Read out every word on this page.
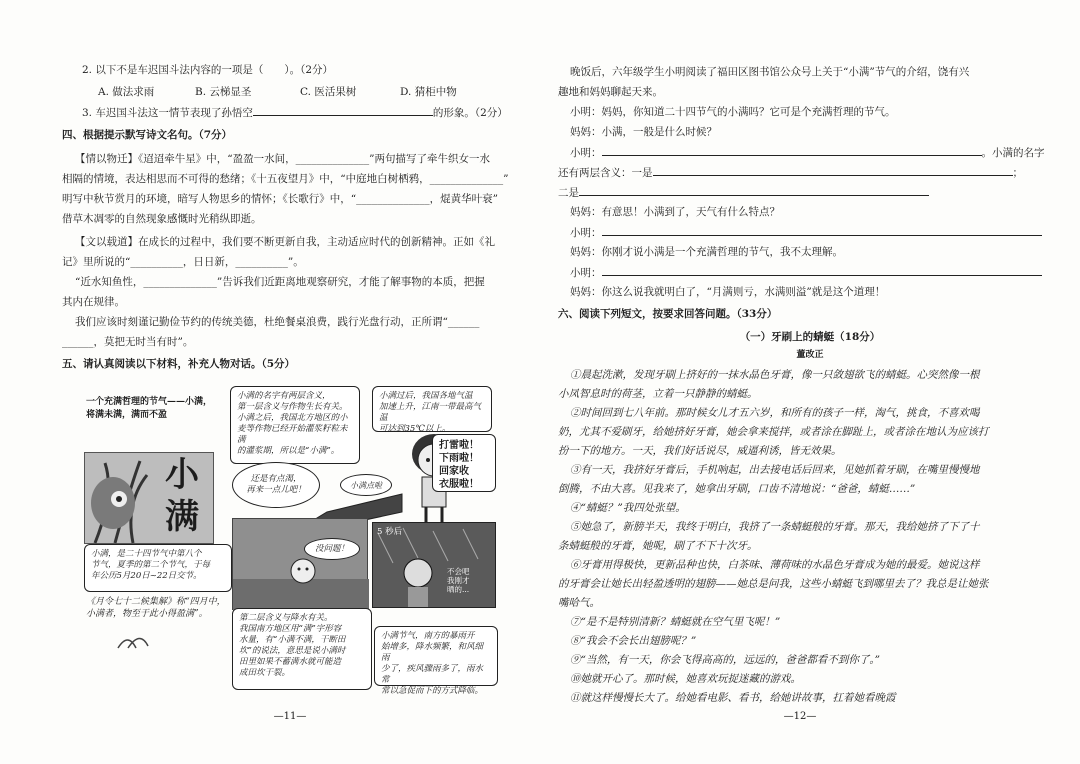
2. 以下不是车迟国斗法内容的一项是（　　）。（2分）
A. 做法求雨	B. 云梯显圣	C. 医活果树	D. 猜柜中物
3. 车迟国斗法这一情节表现了孙悟空	的形象。（2分）
四、根据提示默写诗文名句。（7分）
【情以物迁】《迢迢牵牛星》中，“盈盈一水间，______________”两句描写了牵牛织女一水
相隔的情境，表达相思而不可得的愁绪；《十五夜望月》中，“中庭地白树栖鸦，______________”
明写中秋节赏月的环境，暗写人物思乡的情怀；《长歌行》中，“______________，焜黄华叶衰”
借草木凋零的自然现象感慨时光稍纵即逝。
【文以载道】在成长的过程中，我们要不断更新自我，主动适应时代的创新精神。正如《礼
记》里所说的“__________，日日新，__________”。
“近水知鱼性，______________”告诉我们近距离地观察研究，才能了解事物的本质，把握
其内在规律。
我们应该时刻谨记勤俭节约的传统美德，杜绝餐桌浪费，践行光盘行动，正所谓“______
______，莫把无时当有时”。
五、请认真阅读以下材料，补充人物对话。（5分）
一个充满哲理的节气——小满，
将满未满，满而不盈
小满的名字有两层含义，
第一层含义与作物生长有关。
小满之后，我国北方地区的小
麦等作物已经开始灌浆籽粒未满
的灌浆期，所以是“小满”。
小满过后，我国各地气温
加速上升，江南一带最高气温
可达到35℃以上。
小
满
还是有点渴，
再来一点儿吧！
打雷啦！
下雨啦！
回家收
衣服啦！
小满点啦
小满，是二十四节气中第八个
节气，夏季的第二个节气，于每
年公历5月20日~22日交节。
没问题！
5 秒后
不会吧
我刚才
晒的...
《月令七十二候集解》称“四月中，
小满者，物至于此小得盈满”。	第二层含义与降水有关。
我国南方地区用“满”字形容
水量，有“小满不满，干断田
坎”的说法，意思是说小满时
田里如果不蓄满水就可能造
成田坎干裂。
小满节气，南方的暴雨开
始增多，降水频繁，和风细雨
少了，疾风骤雨多了，雨水常
常以急促而下的方式降临。
—11—
晚饭后，六年级学生小明阅读了福田区图书馆公众号上关于“小满”节气的介绍，饶有兴
趣地和妈妈聊起天来。
小明：妈妈，你知道二十四节气的小满吗？它可是个充满哲理的节气。
妈妈：小满，一般是什么时候？
小明：	。小满的名字
还有两层含义：一是	；
二是
妈妈：有意思！小满到了，天气有什么特点？
小明：
妈妈：你刚才说小满是一个充满哲理的节气，我不太理解。
小明：
妈妈：你这么说我就明白了，“月满则亏，水满则溢”就是这个道理！
六、阅读下列短文，按要求回答问题。（33分）
（一）牙刷上的蜻蜓（18分）
董改正
①晨起洗漱，发现牙刷上挤好的一抹水晶色牙膏，像一只敛翅欲飞的蜻蜓。心突然像一根
小凤智息时的荷茎，立着一只静静的蜻蜓。
②时间回到七八年前。那时候女儿才五六岁，和所有的孩子一样，淘气，挑食，不喜欢喝
奶，尤其不爱刷牙，给她挤好牙膏，她会拿来搅拌，或者涂在脚趾上，或者涂在地认为应该打
扮一下的地方。一天，我们好话说尽，威逼利诱，皆无效果。
③有一天，我挤好牙膏后，手机响起，出去接电话后回来，见她抓着牙刷，在嘴里慢慢地
倒腾，不由大喜。见我来了，她拿出牙刷，口齿不清地说：“爸爸，蜻蜓……”
④“蜻蜓？”我四处张望。
⑤她急了，新膀半天，我终于明白，我挤了一条蜻蜓般的牙膏。那天，我给她挤了下了十
条蜻蜓般的牙膏，她呢，刷了不下十次牙。
⑥牙膏用得极快，更新品种也快，白茶味、薄荷味的水晶色牙膏成为她的最爱。她说这样
的牙膏会让她长出轻盈透明的翅膀——她总是问我，这些小蜻蜓飞到哪里去了？我总是让她张
嘴哈气。
⑦“是不是特别清新？蜻蜓就在空气里飞呢！”
⑧“我会不会长出翅膀呢？”
⑨“当然，有一天，你会飞得高高的，远远的，爸爸都看不到你了。”
⑩她就开心了。那时候，她喜欢玩捉迷藏的游戏。
⑪就这样慢慢长大了。给她看电影、看书，给她讲故事，扛着她看晚霞
—12—
